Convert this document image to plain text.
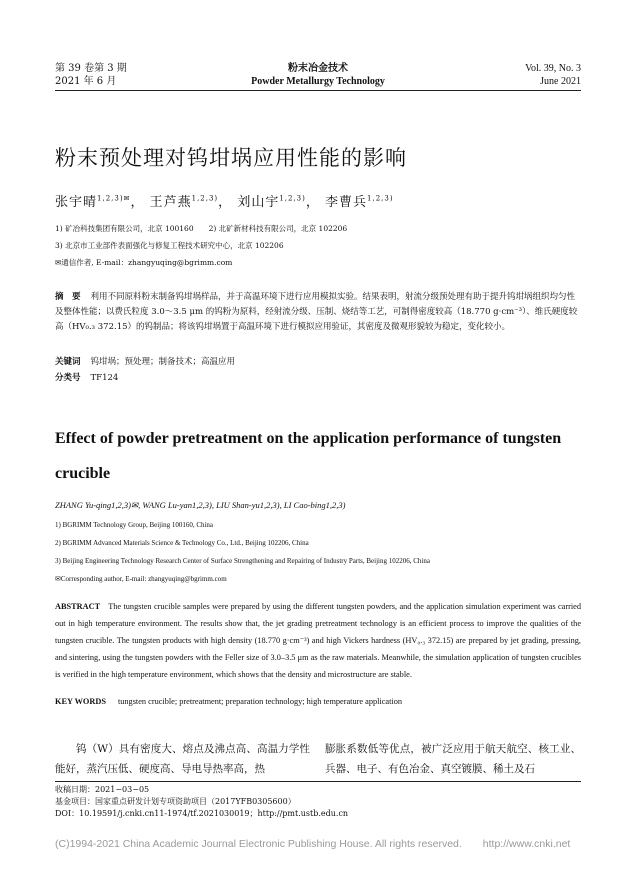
第 39 卷第 3 期
2021 年 6 月
粉末冶金技术
Powder Metallurgy Technology
Vol. 39, No. 3
June 2021
粉末预处理对钨坩埚应用性能的影响
张宇晴$^{1,2,3)✉}$， 王芦燕$^{1,2,3)}$， 刘山宇$^{1,2,3)}$， 李曹兵$^{1,2,3)}$
1) 矿冶科技集团有限公司，北京 100160　　2) 北矿新材科技有限公司，北京 102206
3) 北京市工业部件表面强化与修复工程技术研究中心，北京 102206
✉通信作者, E-mail：zhangyuqing@bgrimm.com
摘　要 利用不同原料粉末制备钨坩埚样品，并于高温环境下进行应用模拟实验。结果表明，射流分级预处理有助于提升钨坩埚组织均匀性及整体性能；以费氏粒度 3.0～3.5 μm 的钨粉为原料，经射流分级、压制、烧结等工艺，可制得密度较高（18.770 g·cm⁻³）、维氏硬度较高（HV₀.₃ 372.15）的钨制品；将该钨坩埚置于高温环境下进行模拟应用验证，其密度及微观形貌较为稳定，变化较小。
关键词 钨坩埚；预处理；制备技术；高温应用
分类号 TF124
Effect of powder pretreatment on the application performance of tungsten crucible
ZHANG Yu-qing1,2,3)✉, WANG Lu-yan1,2,3), LIU Shan-yu1,2,3), LI Cao-bing1,2,3)
1) BGRIMM Technology Group, Beijing 100160, China
2) BGRIMM Advanced Materials Science & Technology Co., Ltd., Beijing 102206, China
3) Beijing Engineering Technology Research Center of Surface Strengthening and Repairing of Industry Parts, Beijing 102206, China
✉Corresponding author, E-mail: zhangyuqing@bgrimm.com
ABSTRACT The tungsten crucible samples were prepared by using the different tungsten powders, and the application simulation experiment was carried out in high temperature environment. The results show that, the jet grading pretreatment technology is an efficient process to improve the qualities of the tungsten crucible. The tungsten products with high density (18.770 g·cm⁻³) and high Vickers hardness (HV₀.₃ 372.15) are prepared by jet grading, pressing, and sintering, using the tungsten powders with the Feller size of 3.0–3.5 μm as the raw materials. Meanwhile, the simulation application of tungsten crucibles is verified in the high temperature environment, which shows that the density and microstructure are stable.
KEY WORDS tungsten crucible; pretreatment; preparation technology; high temperature application
钨（W）具有密度大、熔点及沸点高、高温力学性能好，蒸汽压低、硬度高、导电导热率高，热
膨胀系数低等优点，被广泛应用于航天航空、核工业、兵器、电子、有色冶金、真空镀膜、稀土及石
收稿日期：2021−03−05
基金项目：国家重点研发计划专项资助项目（2017YFB0305600）
DOI：10.19591/j.cnki.cn11-1974/tf.2021030019；http://pmt.ustb.edu.cn
(C)1994-2021 China Academic Journal Electronic Publishing House. All rights reserved.　　http://www.cnki.net
